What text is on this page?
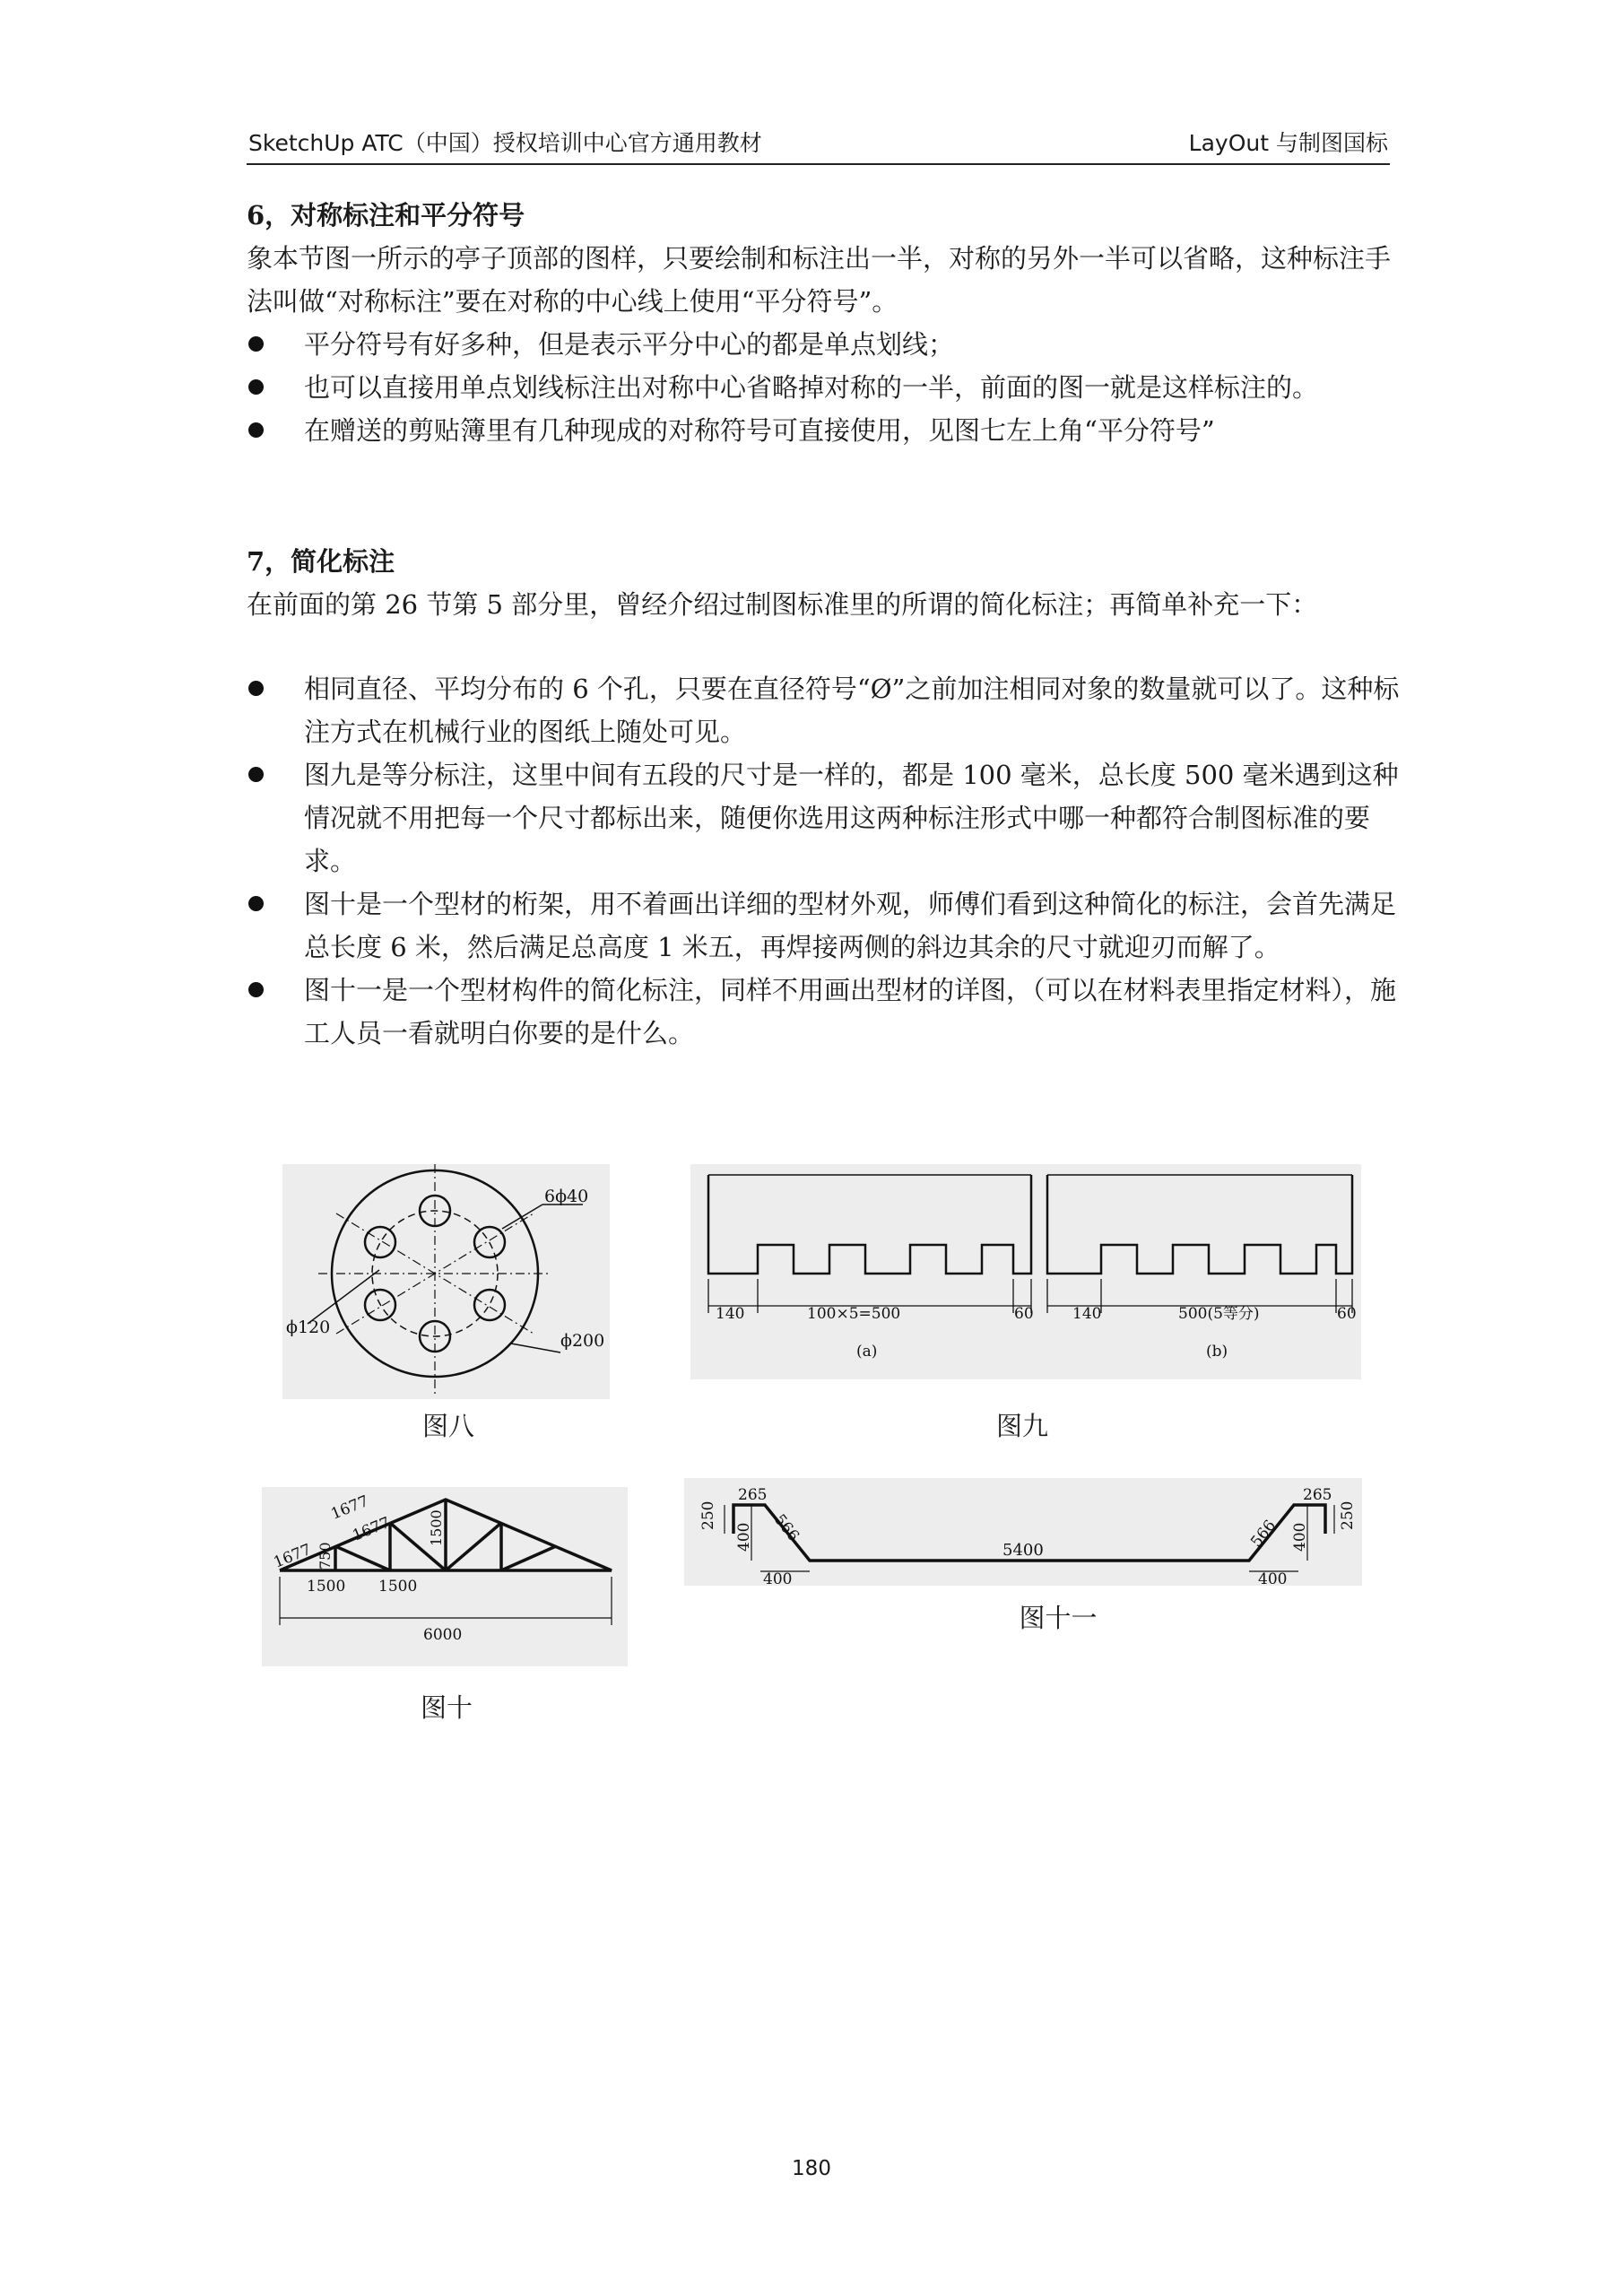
SketchUp ATC（中国）授权培训中心官方通用教材	LayOut 与制图国标
6，对称标注和平分符号
象本节图一所示的亭子顶部的图样，只要绘制和标注出一半，对称的另外一半可以省略，这种标注手法叫做“对称标注”要在对称的中心线上使用“平分符号”。
平分符号有好多种，但是表示平分中心的都是单点划线；
也可以直接用单点划线标注出对称中心省略掉对称的一半，前面的图一就是这样标注的。
在赠送的剪贴簿里有几种现成的对称符号可直接使用，见图七左上角“平分符号”
7，简化标注
在前面的第 26 节第 5 部分里，曾经介绍过制图标准里的所谓的简化标注；再简单补充一下：
相同直径、平均分布的 6 个孔，只要在直径符号“Ø”之前加注相同对象的数量就可以了。这种标注方式在机械行业的图纸上随处可见。
图九是等分标注，这里中间有五段的尺寸是一样的，都是 100 毫米，总长度 500 毫米遇到这种情况就不用把每一个尺寸都标出来，随便你选用这两种标注形式中哪一种都符合制图标准的要求。
图十是一个型材的桁架，用不着画出详细的型材外观，师傅们看到这种简化的标注，会首先满足总长度 6 米，然后满足总高度 1 米五，再焊接两侧的斜边其余的尺寸就迎刃而解了。
图十一是一个型材构件的简化标注，同样不用画出型材的详图，（可以在材料表里指定材料），施工人员一看就明白你要的是什么。
6ϕ40
ϕ120
ϕ200
图八
140	100×5=500	60
(a)
140	500(5等分)	60
(b)
图九
1677
1677
1677
750
1500
1500 1500
6000
图十
250
265
400 566
400
5400	566 400
265
250
400
图十一
180
